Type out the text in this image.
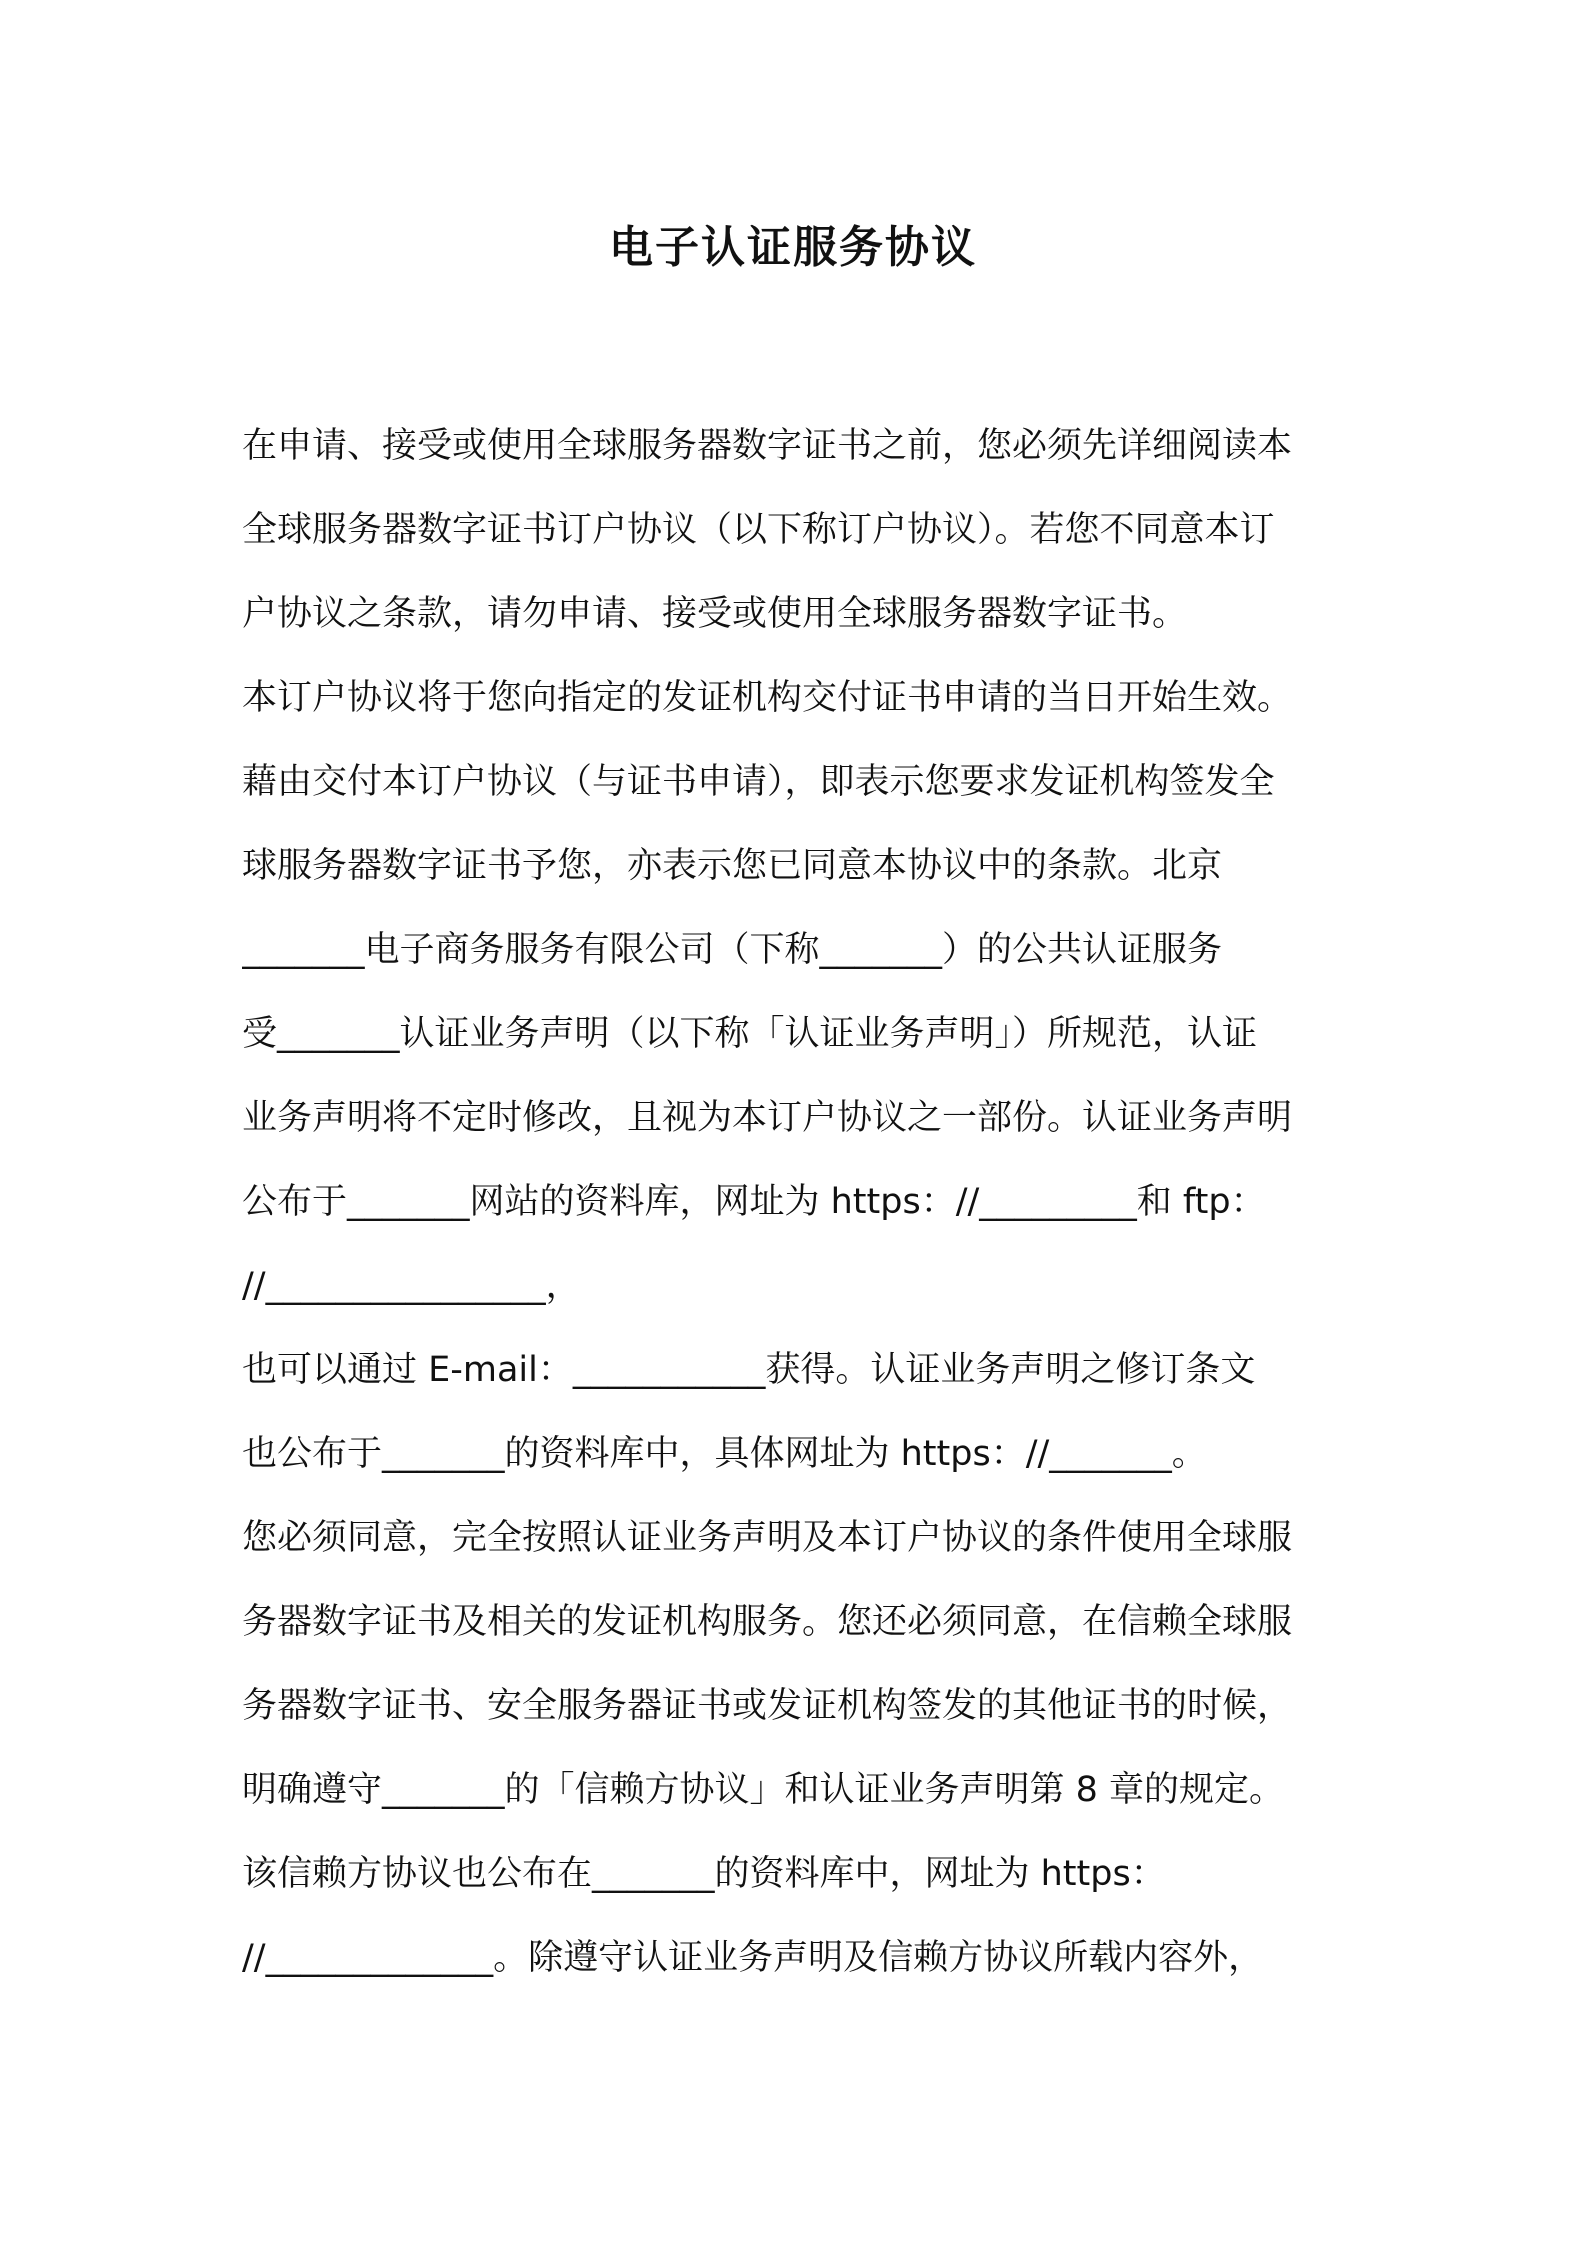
电子认证服务协议
在申请、接受或使用全球服务器数字证书之前，您必须先详细阅读本
全球服务器数字证书订户协议（以下称订户协议）。若您不同意本订
户协议之条款，请勿申请、接受或使用全球服务器数字证书。
本订户协议将于您向指定的发证机构交付证书申请的当日开始生效。
藉由交付本订户协议（与证书申请），即表示您要求发证机构签发全
球服务器数字证书予您，亦表示您已同意本协议中的条款。北京
_______电子商务服务有限公司（下称_______）的公共认证服务
受_______认证业务声明（以下称「认证业务声明」）所规范，认证
业务声明将不定时修改，且视为本订户协议之一部份。认证业务声明
公布于_______网站的资料库，网址为 https：//_________和 ftp：
//________________，
也可以通过 E-mail：___________获得。认证业务声明之修订条文
也公布于_______的资料库中，具体网址为 https：//_______。
您必须同意，完全按照认证业务声明及本订户协议的条件使用全球服
务器数字证书及相关的发证机构服务。您还必须同意，在信赖全球服
务器数字证书、安全服务器证书或发证机构签发的其他证书的时候，
明确遵守_______的「信赖方协议」和认证业务声明第 8 章的规定。
该信赖方协议也公布在_______的资料库中，网址为 https：
//_____________。除遵守认证业务声明及信赖方协议所载内容外，
